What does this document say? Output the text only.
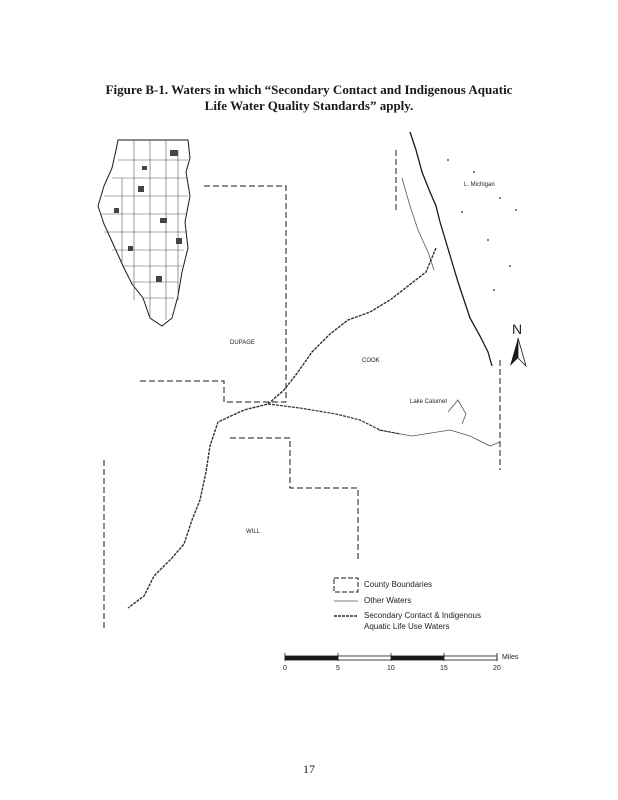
Figure B-1. Waters in which “Secondary Contact and Indigenous Aquatic
Life Water Quality Standards” apply.
DUPAGE
COOK
WILL
L. Michigan
Lake Calumet
N
County Boundaries
Other Waters
Secondary Contact & Indigenous
Aquatic Life Use Waters
0	5	10	15	20
Miles
17
